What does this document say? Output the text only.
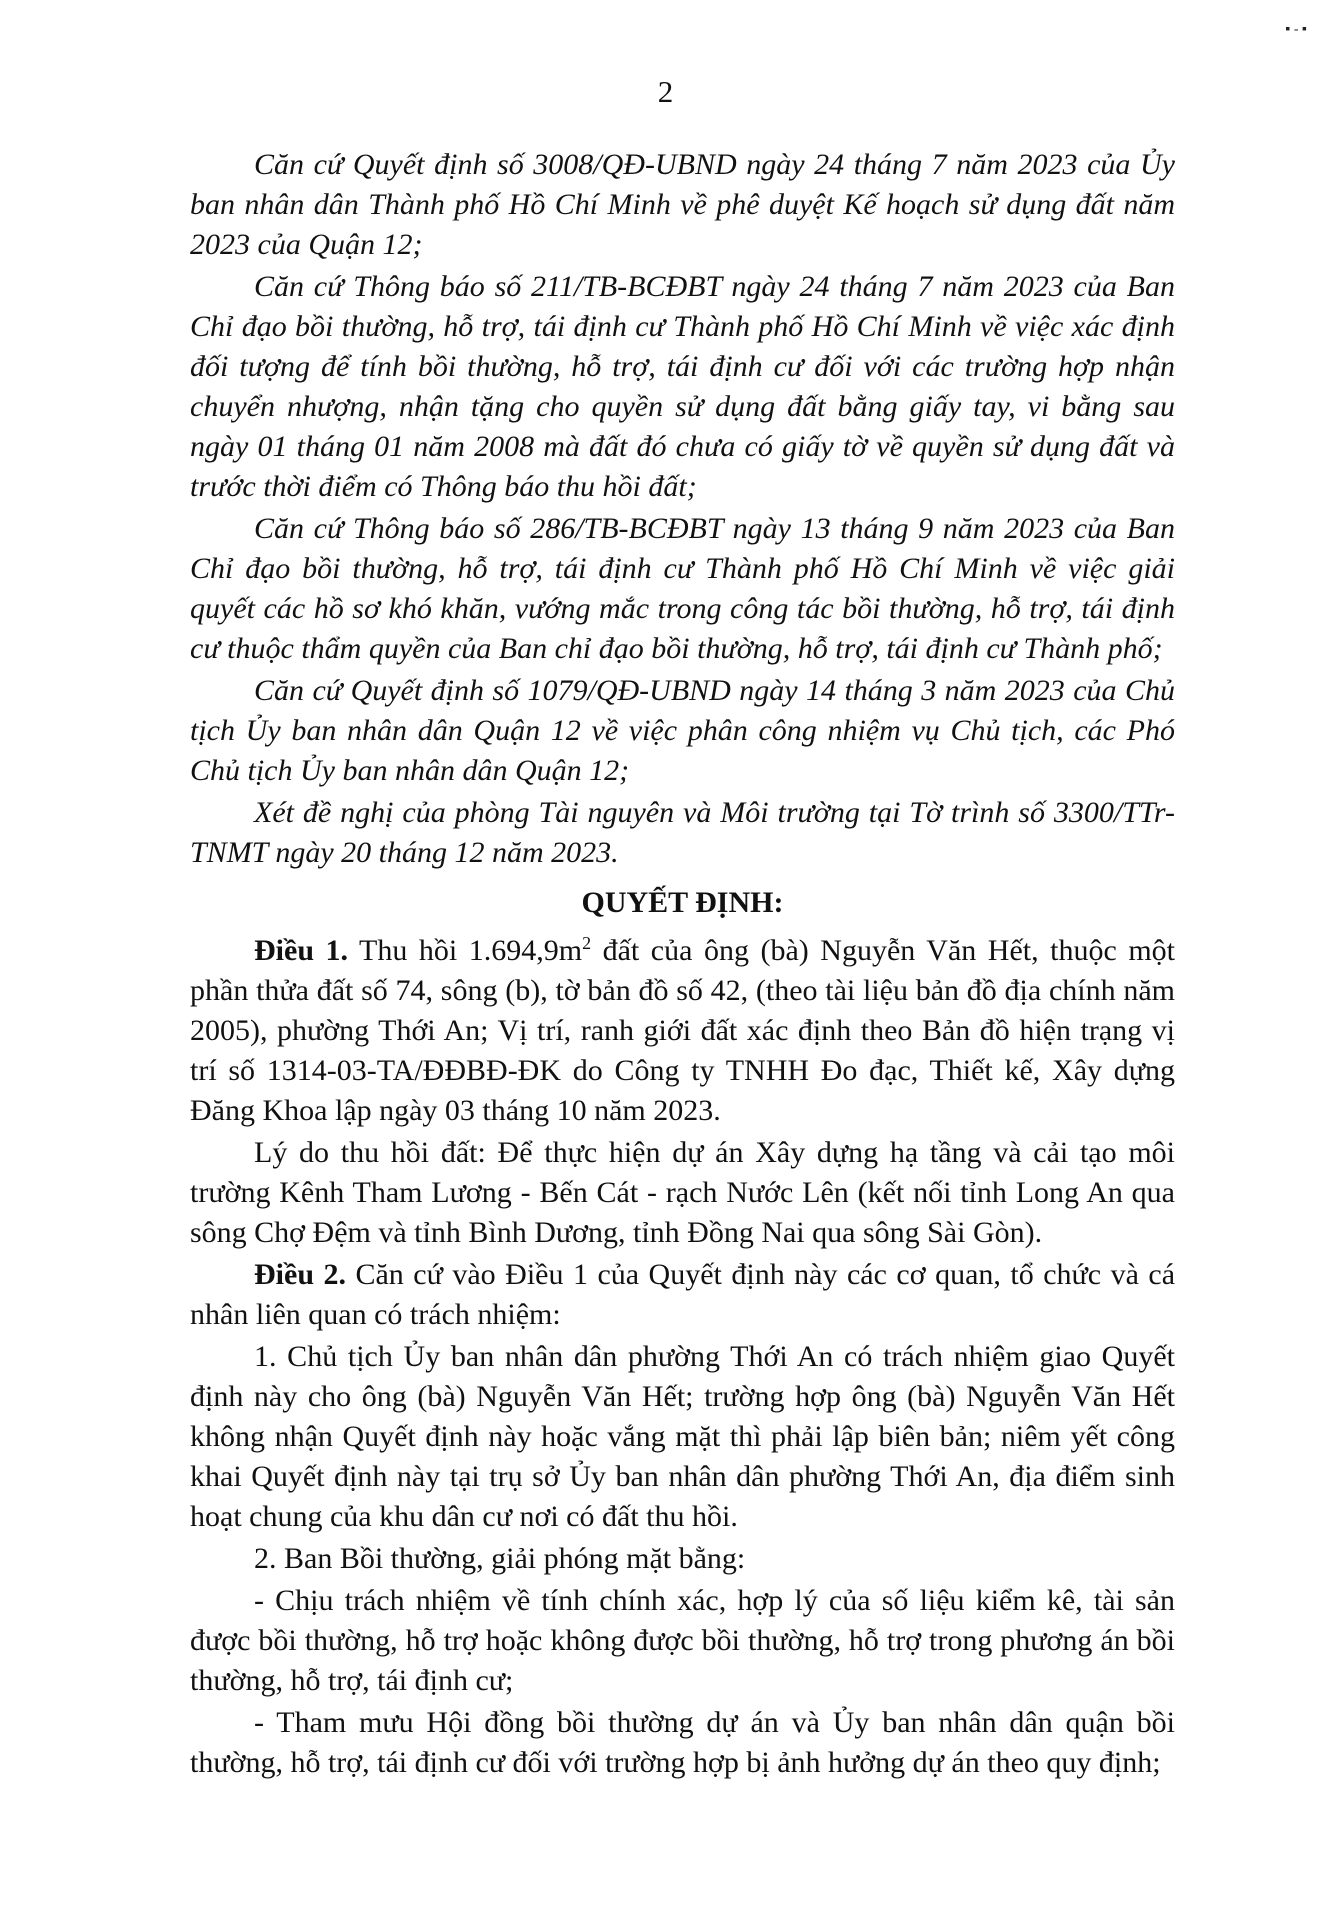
▪ ‑ ▪
2

Căn cứ Quyết định số 3008/QĐ-UBND ngày 24 tháng 7 năm 2023 của Ủy ban nhân dân Thành phố Hồ Chí Minh về phê duyệt Kế hoạch sử dụng đất năm 2023 của Quận 12;

Căn cứ Thông báo số 211/TB-BCĐBT ngày 24 tháng 7 năm 2023 của Ban Chỉ đạo bồi thường, hỗ trợ, tái định cư Thành phố Hồ Chí Minh về việc xác định đối tượng để tính bồi thường, hỗ trợ, tái định cư đối với các trường hợp nhận chuyển nhượng, nhận tặng cho quyền sử dụng đất bằng giấy tay, vi bằng sau ngày 01 tháng 01 năm 2008 mà đất đó chưa có giấy tờ về quyền sử dụng đất và trước thời điểm có Thông báo thu hồi đất;

Căn cứ Thông báo số 286/TB-BCĐBT ngày 13 tháng 9 năm 2023 của Ban Chỉ đạo bồi thường, hỗ trợ, tái định cư Thành phố Hồ Chí Minh về việc giải quyết các hồ sơ khó khăn, vướng mắc trong công tác bồi thường, hỗ trợ, tái định cư thuộc thẩm quyền của Ban chỉ đạo bồi thường, hỗ trợ, tái định cư Thành phố;

Căn cứ Quyết định số 1079/QĐ-UBND ngày 14 tháng 3 năm 2023 của Chủ tịch Ủy ban nhân dân Quận 12 về việc phân công nhiệm vụ Chủ tịch, các Phó Chủ tịch Ủy ban nhân dân Quận 12;

Xét đề nghị của phòng Tài nguyên và Môi trường tại Tờ trình số 3300/TTr-TNMT ngày 20 tháng 12 năm 2023.

QUYẾT ĐỊNH:

Điều 1. Thu hồi $1.694,9m^2$ đất của ông (bà) Nguyễn Văn Hết, thuộc một phần thửa đất số 74, sông (b), tờ bản đồ số 42, (theo tài liệu bản đồ địa chính năm 2005), phường Thới An; Vị trí, ranh giới đất xác định theo Bản đồ hiện trạng vị trí số 1314-03-TA/ĐĐBĐ-ĐK do Công ty TNHH Đo đạc, Thiết kế, Xây dựng Đăng Khoa lập ngày 03 tháng 10 năm 2023.

Lý do thu hồi đất: Để thực hiện dự án Xây dựng hạ tầng và cải tạo môi trường Kênh Tham Lương - Bến Cát - rạch Nước Lên (kết nối tỉnh Long An qua sông Chợ Đệm và tỉnh Bình Dương, tỉnh Đồng Nai qua sông Sài Gòn).

Điều 2. Căn cứ vào Điều 1 của Quyết định này các cơ quan, tổ chức và cá nhân liên quan có trách nhiệm:

1. Chủ tịch Ủy ban nhân dân phường Thới An có trách nhiệm giao Quyết định này cho ông (bà) Nguyễn Văn Hết; trường hợp ông (bà) Nguyễn Văn Hết không nhận Quyết định này hoặc vắng mặt thì phải lập biên bản; niêm yết công khai Quyết định này tại trụ sở Ủy ban nhân dân phường Thới An, địa điểm sinh hoạt chung của khu dân cư nơi có đất thu hồi.

2. Ban Bồi thường, giải phóng mặt bằng:

- Chịu trách nhiệm về tính chính xác, hợp lý của số liệu kiểm kê, tài sản được bồi thường, hỗ trợ hoặc không được bồi thường, hỗ trợ trong phương án bồi thường, hỗ trợ, tái định cư;

- Tham mưu Hội đồng bồi thường dự án và Ủy ban nhân dân quận bồi thường, hỗ trợ, tái định cư đối với trường hợp bị ảnh hưởng dự án theo quy định;
